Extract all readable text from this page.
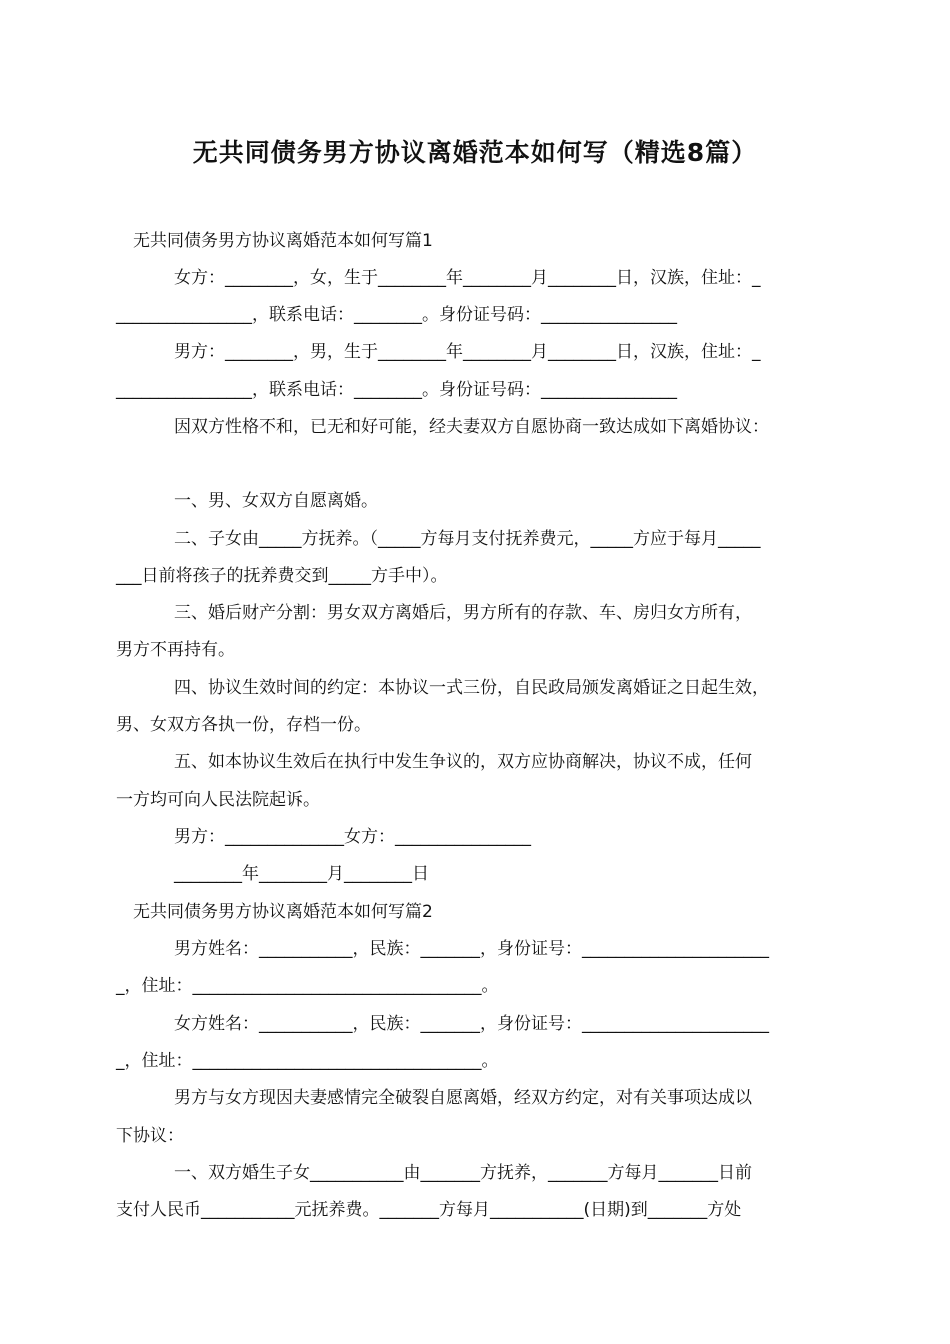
无共同债务男方协议离婚范本如何写（精选8篇）
无共同债务男方协议离婚范本如何写篇1
女方：________，女，生于________年________月________日，汉族，住址：_
________________，联系电话：________。身份证号码：________________
男方：________，男，生于________年________月________日，汉族，住址：_
________________，联系电话：________。身份证号码：________________
因双方性格不和，已无和好可能，经夫妻双方自愿协商一致达成如下离婚协议：
一、男、女双方自愿离婚。
二、子女由_____方抚养。（_____方每月支付抚养费元，_____方应于每月_____
___日前将孩子的抚养费交到_____方手中）。
三、婚后财产分割：男女双方离婚后，男方所有的存款、车、房归女方所有，
男方不再持有。
四、协议生效时间的约定：本协议一式三份，自民政局颁发离婚证之日起生效，
男、女双方各执一份，存档一份。
五、如本协议生效后在执行中发生争议的，双方应协商解决，协议不成，任何
一方均可向人民法院起诉。
男方：______________女方：________________
________年________月________日
无共同债务男方协议离婚范本如何写篇2
男方姓名：___________，民族：_______，身份证号：______________________
_，住址：__________________________________。
女方姓名：___________，民族：_______，身份证号：______________________
_，住址：__________________________________。
男方与女方现因夫妻感情完全破裂自愿离婚，经双方约定，对有关事项达成以
下协议：
一、双方婚生子女___________由_______方抚养，_______方每月_______日前
支付人民币___________元抚养费。_______方每月___________(日期)到_______方处
